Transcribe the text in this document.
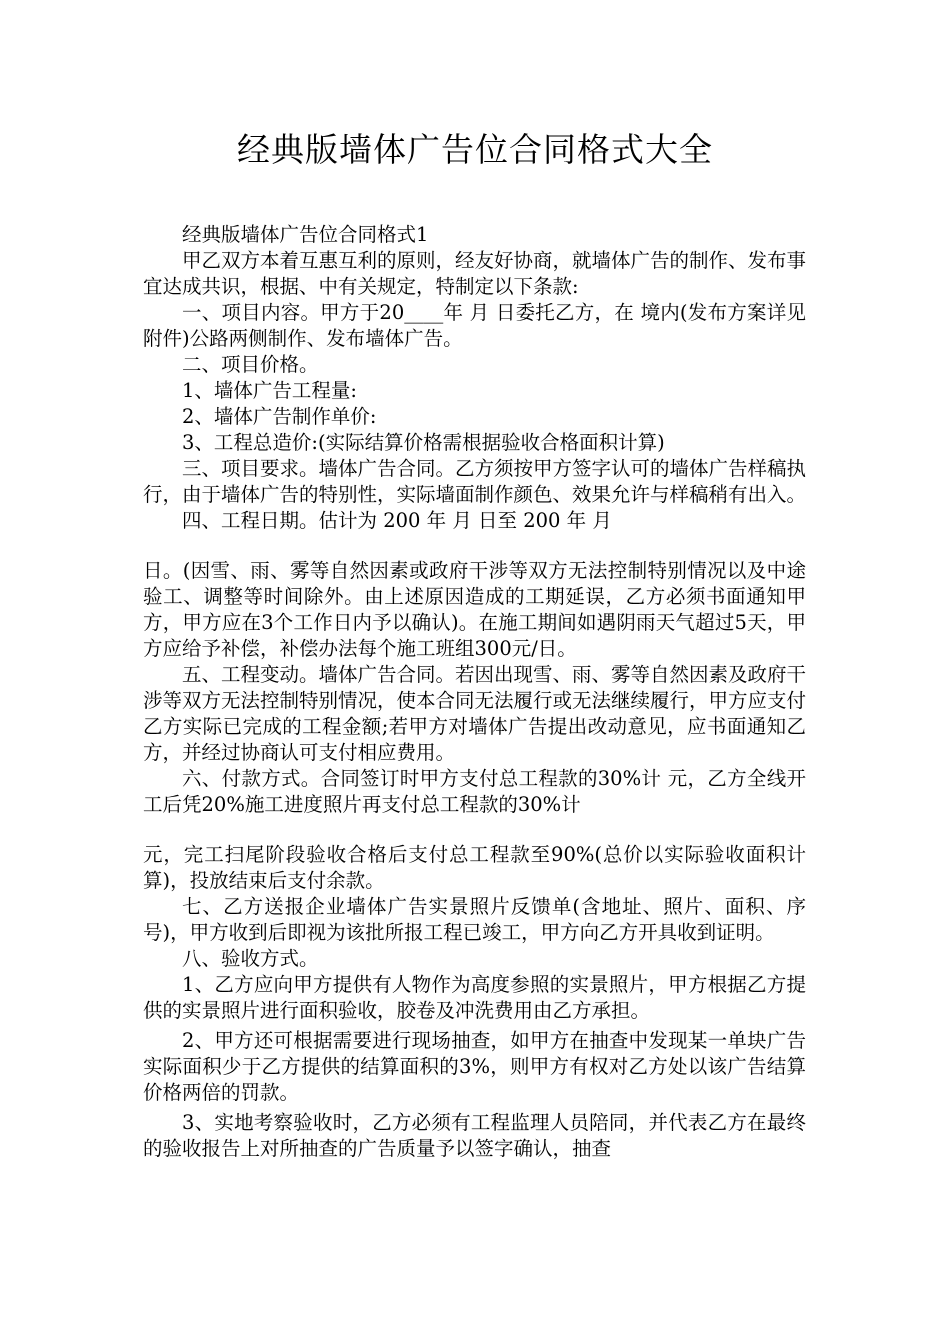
经典版墙体广告位合同格式大全

经典版墙体广告位合同格式1

甲乙双方本着互惠互利的原则，经友好协商，就墙体广告的制作、发布事宜达成共识，根据、中有关规定，特制定以下条款:

一、项目内容。甲方于20____年 月 日委托乙方，在 境内(发布方案详见附件)公路两侧制作、发布墙体广告。

二、项目价格。

1、墙体广告工程量:

2、墙体广告制作单价:

3、工程总造价:(实际结算价格需根据验收合格面积计算)

三、项目要求。墙体广告合同。乙方须按甲方签字认可的墙体广告样稿执行，由于墙体广告的特别性，实际墙面制作颜色、效果允许与样稿稍有出入。

四、工程日期。估计为 200 年 月 日至 200 年 月

日。(因雪、雨、雾等自然因素或政府干涉等双方无法控制特别情况以及中途验工、调整等时间除外。由上述原因造成的工期延误，乙方必须书面通知甲方，甲方应在3个工作日内予以确认)。在施工期间如遇阴雨天气超过5天，甲方应给予补偿，补偿办法每个施工班组300元/日。

五、工程变动。墙体广告合同。若因出现雪、雨、雾等自然因素及政府干涉等双方无法控制特别情况，使本合同无法履行或无法继续履行，甲方应支付乙方实际已完成的工程金额;若甲方对墙体广告提出改动意见，应书面通知乙方，并经过协商认可支付相应费用。

六、付款方式。合同签订时甲方支付总工程款的30%计 元，乙方全线开工后凭20%施工进度照片再支付总工程款的30%计

元，完工扫尾阶段验收合格后支付总工程款至90%(总价以实际验收面积计算)，投放结束后支付余款。

七、乙方送报企业墙体广告实景照片反馈单(含地址、照片、面积、序号)，甲方收到后即视为该批所报工程已竣工，甲方向乙方开具收到证明。

八、验收方式。

1、乙方应向甲方提供有人物作为高度参照的实景照片，甲方根据乙方提供的实景照片进行面积验收，胶卷及冲洗费用由乙方承担。

2、甲方还可根据需要进行现场抽查，如甲方在抽查中发现某一单块广告实际面积少于乙方提供的结算面积的3%，则甲方有权对乙方处以该广告结算价格两倍的罚款。

3、实地考察验收时，乙方必须有工程监理人员陪同，并代表乙方在最终的验收报告上对所抽查的广告质量予以签字确认，抽查
